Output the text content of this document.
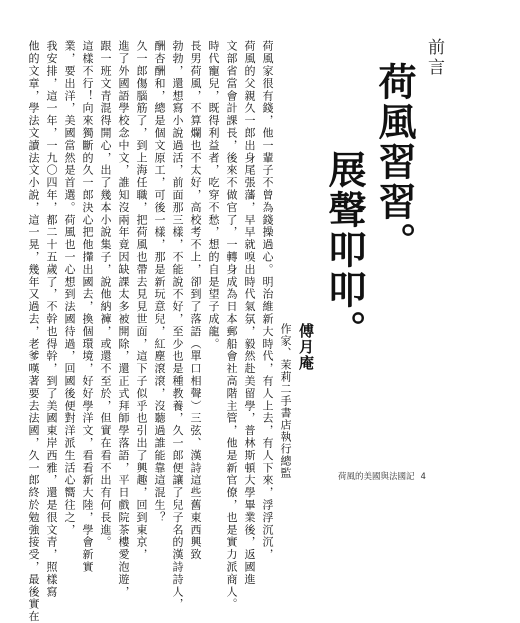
前言
荷風習習。
展聲叩叩。
傅月庵
作家、茉莉二手書店執行總監
荷風家很有錢，他一輩子不曾為錢操過心。明治維新大時代，有人上去，有人下來，浮浮沉沉，
荷風的父親久一郎出身尾張藩，早早就嗅出時代氣氛，毅然赴美留學，普林斯頓大學畢業後，返國進
文部省當會計課長，後來不做官了，一轉身成為日本郵船會社高階主管，他是新官僚，也是實力派商人。
時代寵兒，既得利益者，吃穿不愁，想的自是望子成龍。
長男荷風，不算爛也不太好，高校考不上，卻到了落語（單口相聲）三弦、漢詩這些舊東西興致
勃勃，還想寫小說過活，前面那三樣，不能說不好，至少也是種教養，久一郎便讓了兒子名的漢詩詩人，
酬杏酬和，總是個文原工，可後一樣，那是新玩意兒，紅塵滾滾，沒聽過誰能靠這混生？
久一郎傷腦筋了，到上海任職，把荷風也帶去見見世面，這下子似乎也引出了興趣，回到東京，
進了外國語學校念中文，誰知沒兩年竟因缺課太多被開除，還正式拜師學落語，平日戲院茶樓愛泡遊，
跟一班文青混得開心，出了幾本小說集子，說他納褲，或還不至於，但實在看不出有何長進。
這樣不行！向來獨斷的久一郎決心把他攆出國去，換個環境，好好學洋文，看看新大陸，學會新實
業，要出洋，美國當然是首選。荷風也一心想到法國待過，回國後便對洋派生活心嚮往之，
我安排，這一年，一九〇四年，都二十五歲了，不幹也得幹，到了美國東岸西雅，還是很文青，照樣寫
他的文章，學法文讀法文小說，這一晃，幾年又過去，老爹嘆著要去法國，久一郎終於勉強接受，最後實在	荷風的美國與法國記 4
